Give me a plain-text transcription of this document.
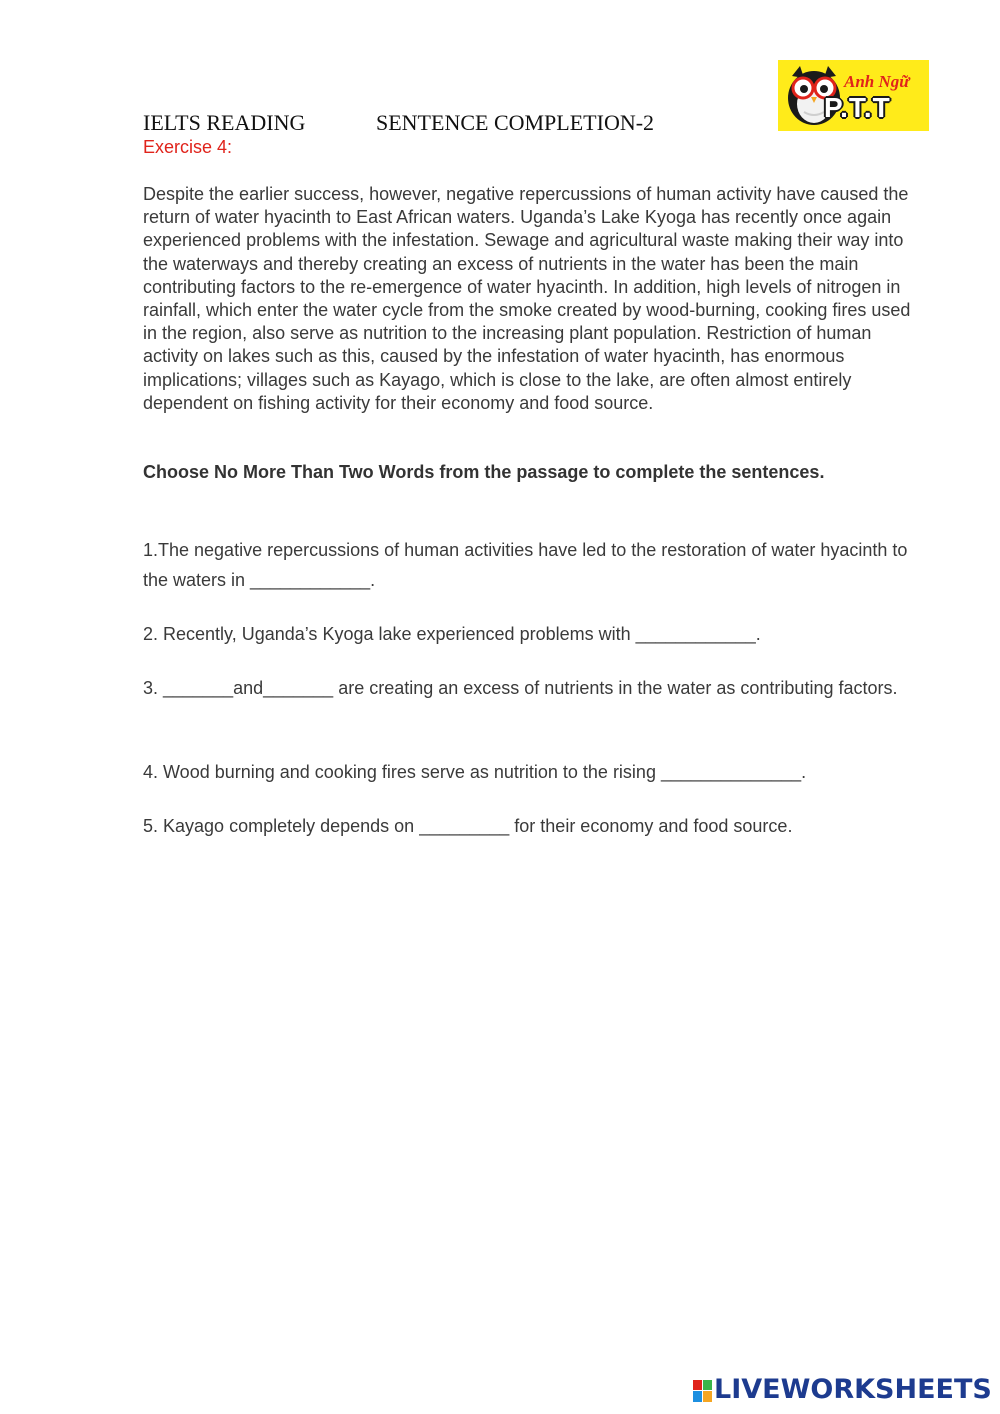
Anh Ngữ
P.T.T
IELTS READING	SENTENCE COMPLETION-2
Exercise 4:

Despite the earlier success, however, negative repercussions of human activity have caused the return of water hyacinth to East African waters. Uganda’s Lake Kyoga has recently once again experienced problems with the infestation. Sewage and agricultural waste making their way into the waterways and thereby creating an excess of nutrients in the water has been the main contributing factors to the re-emergence of water hyacinth. In addition, high levels of nitrogen in rainfall, which enter the water cycle from the smoke created by wood-burning, cooking fires used in the region, also serve as nutrition to the increasing plant population. Restriction of human activity on lakes such as this, caused by the infestation of water hyacinth, has enormous implications; villages such as Kayago, which is close to the lake, are often almost entirely dependent on fishing activity for their economy and food source.

Choose No More Than Two Words from the passage to complete the sentences.

1.The negative repercussions of human activities have led to the restoration of water hyacinth to the waters in ____________.

2. Recently, Uganda’s Kyoga lake experienced problems with ____________.

3. _______and_______ are creating an excess of nutrients in the water as contributing factors.

4. Wood burning and cooking fires serve as nutrition to the rising ______________.

5. Kayago completely depends on _________ for their economy and food source.

LIVEWORKSHEETS
